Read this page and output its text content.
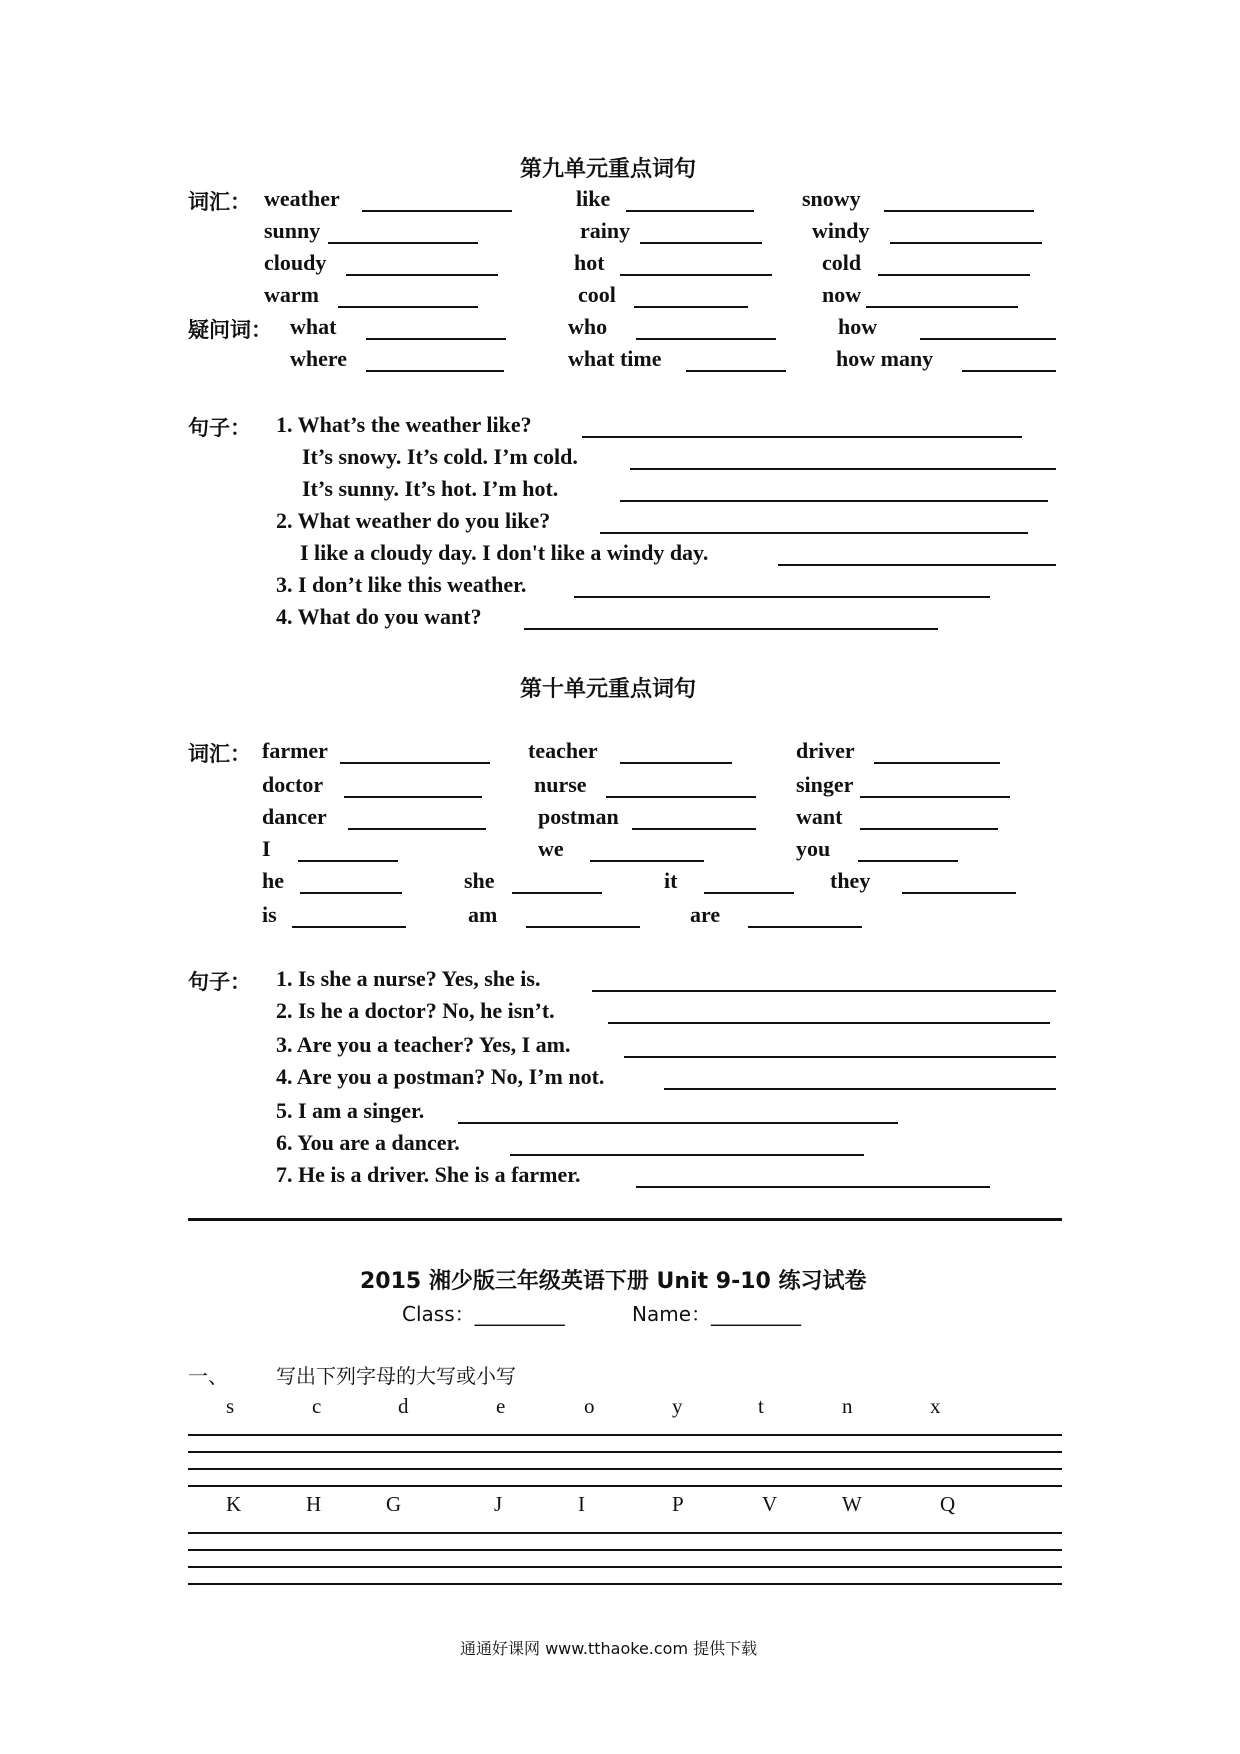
第九单元重点词句
词汇： weather	like	snowy
sunny	rainy	windy
cloudy	hot	cold
warm	cool	now
疑问词： what	who	how
where	what time	how many
句子： 1. What’s the weather like?
It’s snowy. It’s cold. I’m cold.
It’s sunny. It’s hot. I’m hot.
2. What weather do you like?
I like a cloudy day. I don't like a windy day.
3. I don’t like this weather.
4. What do you want?
第十单元重点词句
词汇： farmer	teacher	driver
doctor	nurse	singer
dancer	postman	want
I	we	you
he	she	it	they
is	am	are
句子： 1. Is she a nurse? Yes, she is.
2. Is he a doctor? No, he isn’t.
3. Are you a teacher? Yes, I am.
4. Are you a postman? No, I’m not.
5. I am a singer.
6. You are a dancer.
7. He is a driver. She is a farmer.
2015 湘少版三年级英语下册 Unit 9-10 练习试卷
Class：_________	Name：_________
一、 写出下列字母的大写或小写
s	c	d	e	o	y	t	n	x
K	H	G	J	I	P	V	W	Q
通通好课网 www.tthaoke.com 提供下载
